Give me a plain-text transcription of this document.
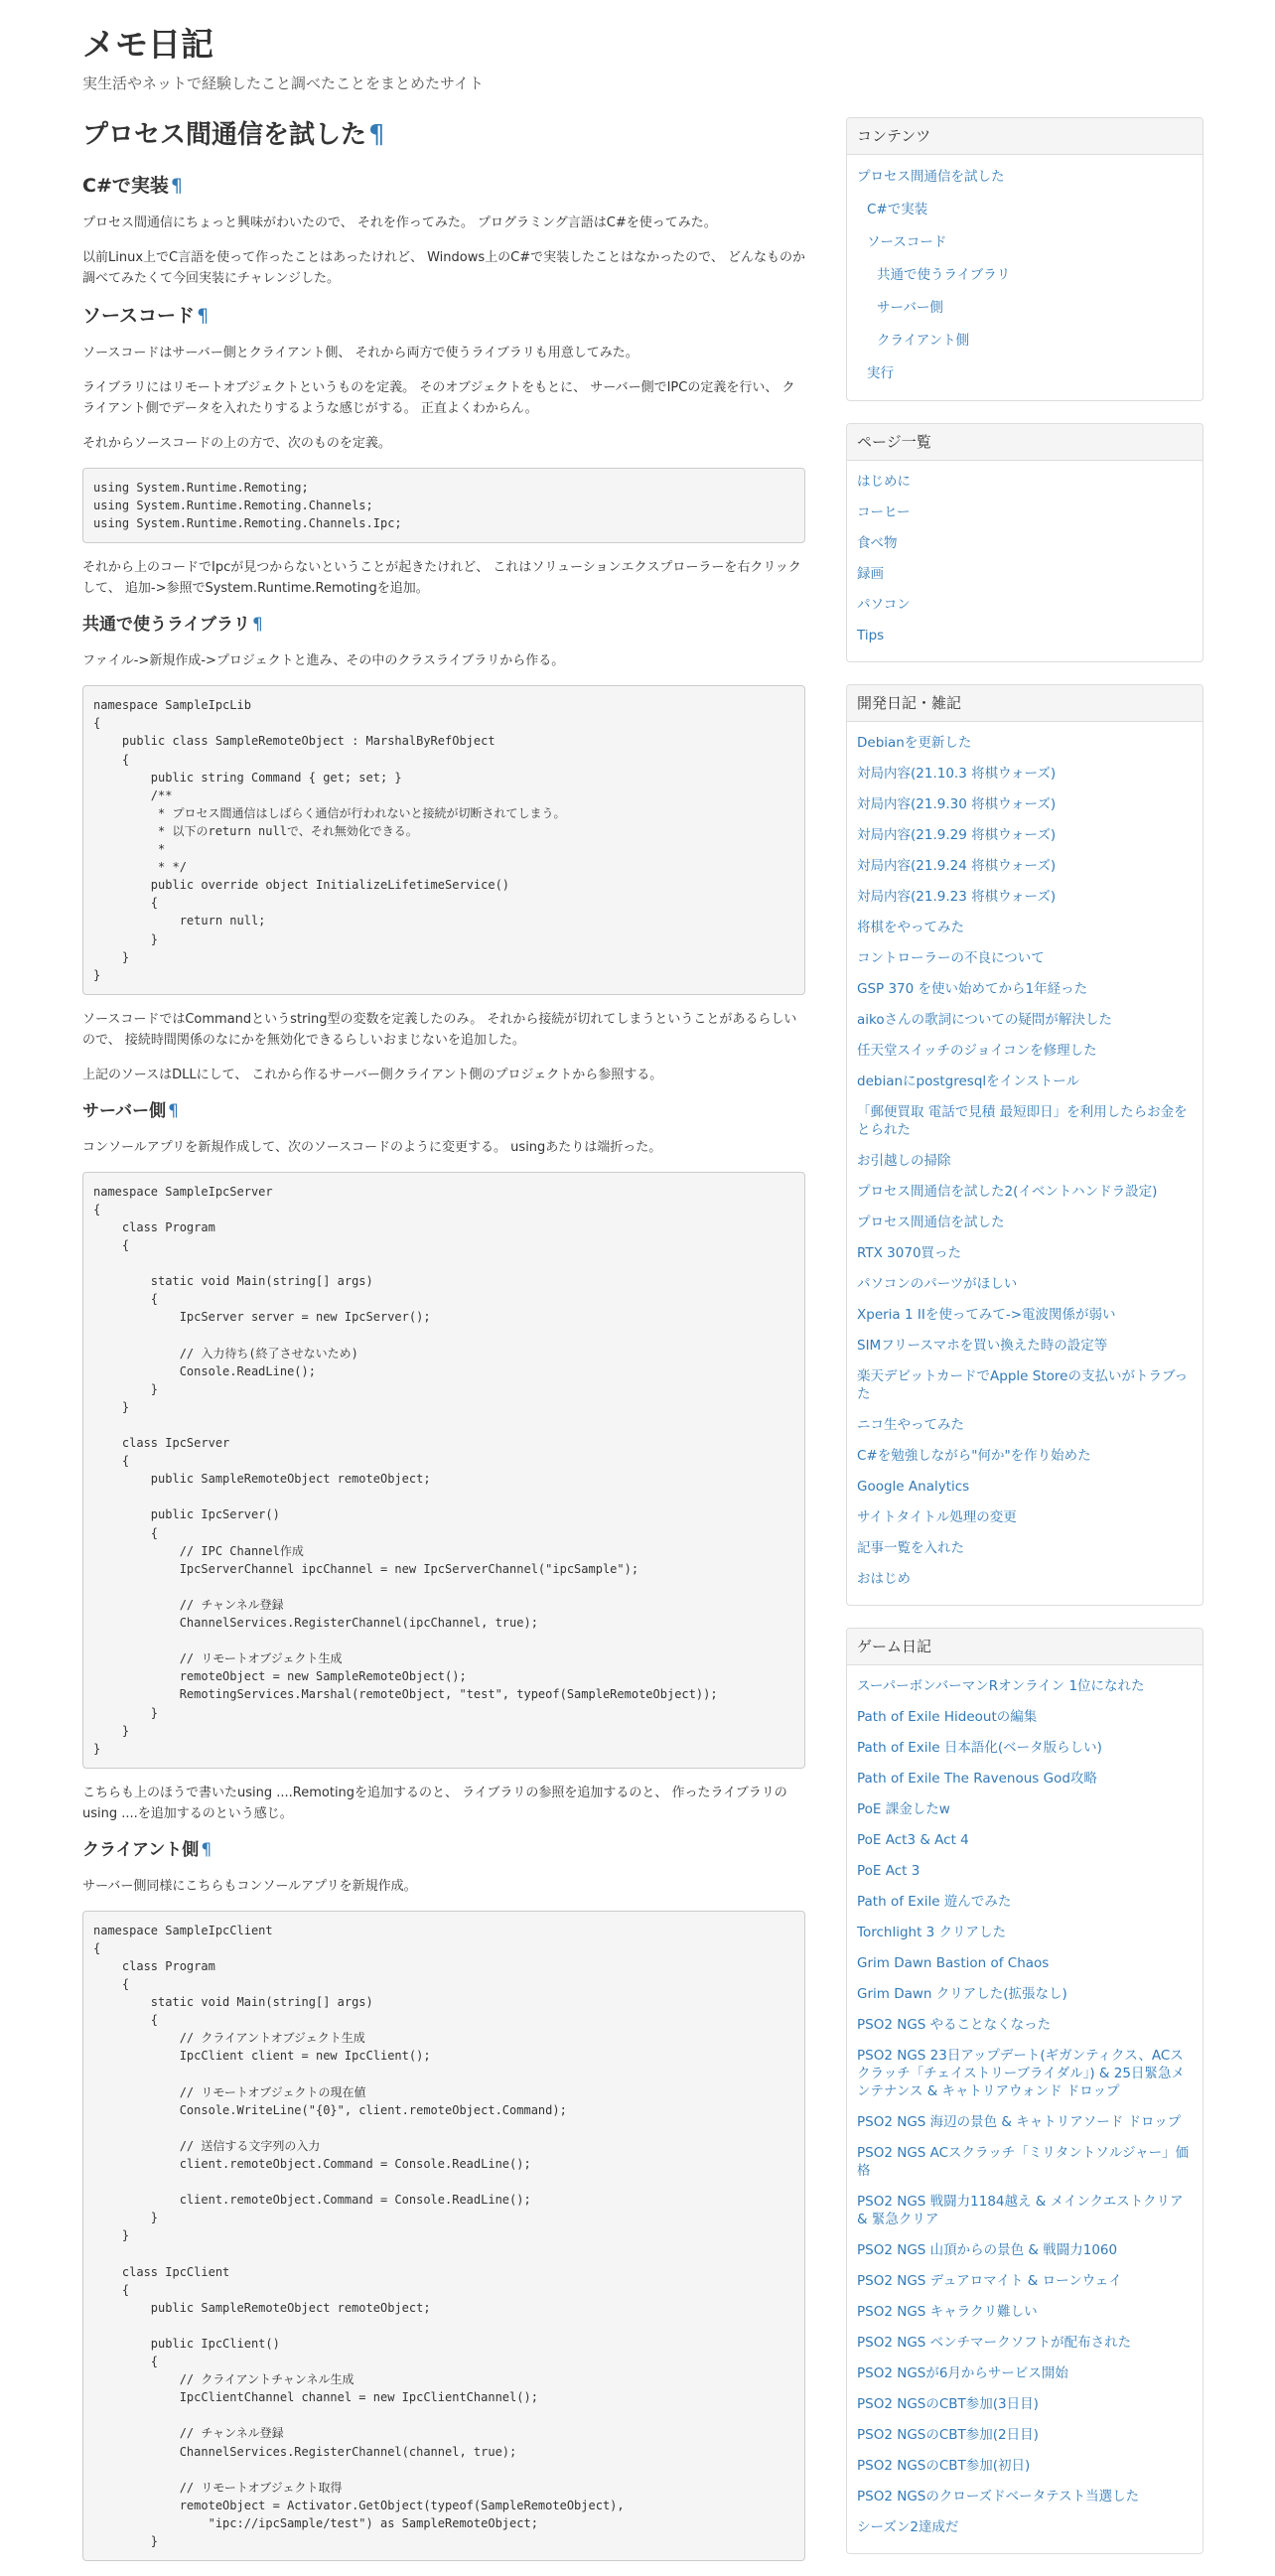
メモ日記
実生活やネットで経験したこと調べたことをまとめたサイト
プロセス間通信を試した¶
C#で実装 ¶

プロセス間通信にちょっと興味がわいたので、 それを作ってみた。 プログラミング言語はC#を使ってみた。

以前Linux上でC言語を使って作ったことはあったけれど、 Windows上のC#で実装したことはなかったので、 どんなものか調べてみたくて今回実装にチャレンジした。

ソースコード ¶

ソースコードはサーバー側とクライアント側、 それから両方で使うライブラリも用意してみた。

ライブラリにはリモートオブジェクトというものを定義。 そのオブジェクトをもとに、 サーバー側でIPCの定義を行い、 クライアント側でデータを入れたりするような感じがする。 正直よくわからん。

それからソースコードの上の方で、次のものを定義。

using System.Runtime.Remoting;
using System.Runtime.Remoting.Channels;
using System.Runtime.Remoting.Channels.Ipc;

それから上のコードでIpcが見つからないということが起きたけれど、 これはソリューションエクスプローラーを右クリックして、 追加->参照でSystem.Runtime.Remotingを追加。

共通で使うライブラリ ¶

ファイル->新規作成->プロジェクトと進み、その中のクラスライブラリから作る。

namespace SampleIpcLib
{
public class SampleRemoteObject : MarshalByRefObject
{
public string Command { get; set; }
/**
* プロセス間通信はしばらく通信が行われないと接続が切断されてしまう。
* 以下のreturn nullで、それ無効化できる。
*
* */
public override object InitializeLifetimeService()
{
return null;
}
}
}

ソースコードではCommandというstring型の変数を定義したのみ。 それから接続が切れてしまうということがあるらしいので、 接続時間関係のなにかを無効化できるらしいおまじないを追加した。

上記のソースはDLLにして、 これから作るサーバー側クライアント側のプロジェクトから参照する。

サーバー側 ¶

コンソールアプリを新規作成して、次のソースコードのように変更する。 usingあたりは端折った。

namespace SampleIpcServer
{
class Program
{

static void Main(string[] args)
{
IpcServer server = new IpcServer();

// 入力待ち(終了させないため)
Console.ReadLine();
}
}

class IpcServer
{
public SampleRemoteObject remoteObject;

public IpcServer()
{
// IPC Channel作成
IpcServerChannel ipcChannel = new IpcServerChannel("ipcSample");

// チャンネル登録
ChannelServices.RegisterChannel(ipcChannel, true);

// リモートオブジェクト生成
remoteObject = new SampleRemoteObject();
RemotingServices.Marshal(remoteObject, "test", typeof(SampleRemoteObject));
}
}
}

こちらも上のほうで書いたusing ....Remotingを追加するのと、 ライブラリの参照を追加するのと、 作ったライブラリのusing ....を追加するのという感じ。

クライアント側 ¶

サーバー側同様にこちらもコンソールアプリを新規作成。

namespace SampleIpcClient
{
class Program
{
static void Main(string[] args)
{
// クライアントオブジェクト生成
IpcClient client = new IpcClient();

// リモートオブジェクトの現在値
Console.WriteLine("{0}", client.remoteObject.Command);

// 送信する文字列の入力
client.remoteObject.Command = Console.ReadLine();

client.remoteObject.Command = Console.ReadLine();
}
}

class IpcClient
{
public SampleRemoteObject remoteObject;

public IpcClient()
{
// クライアントチャンネル生成
IpcClientChannel channel = new IpcClientChannel();

// チャンネル登録
ChannelServices.RegisterChannel(channel, true);

// リモートオブジェクト取得
remoteObject = Activator.GetObject(typeof(SampleRemoteObject),
"ipc://ipcSample/test") as SampleRemoteObject;
}
コンテンツ
プロセス間通信を試した
C#で実装
ソースコード
共通で使うライブラリ
サーバー側
クライアント側
実行
ページ一覧
はじめに
コーヒー
食べ物
録画
パソコン
Tips
開発日記・雑記
Debianを更新した
対局内容(21.10.3 将棋ウォーズ)
対局内容(21.9.30 将棋ウォーズ)
対局内容(21.9.29 将棋ウォーズ)
対局内容(21.9.24 将棋ウォーズ)
対局内容(21.9.23 将棋ウォーズ)
将棋をやってみた
コントローラーの不良について
GSP 370 を使い始めてから1年経った
aikoさんの歌詞についての疑問が解決した
任天堂スイッチのジョイコンを修理した
debianにpostgresqlをインストール
「郵便買取 電話で見積 最短即日」を利用したらお金をとられた
お引越しの掃除
プロセス間通信を試した2(イベントハンドラ設定)
プロセス間通信を試した
RTX 3070買った
パソコンのパーツがほしい
Xperia 1 IIを使ってみて->電波関係が弱い
SIMフリースマホを買い換えた時の設定等
楽天デビットカードでApple Storeの支払いがトラブった
ニコ生やってみた
C#を勉強しながら"何か"を作り始めた
Google Analytics
サイトタイトル処理の変更
記事一覧を入れた
おはじめ
ゲーム日記
スーパーボンバーマンRオンライン 1位になれた
Path of Exile Hideoutの編集
Path of Exile 日本語化(ベータ版らしい)
Path of Exile The Ravenous God攻略
PoE 課金したw
PoE Act3 & Act 4
PoE Act 3
Path of Exile 遊んでみた
Torchlight 3 クリアした
Grim Dawn Bastion of Chaos
Grim Dawn クリアした(拡張なし)
PSO2 NGS やることなくなった
PSO2 NGS 23日アップデート(ギガンティクス、ACスクラッチ「チェイストリーブライダル」) & 25日緊急メンテナンス & キャトリアウォンド ドロップ
PSO2 NGS 海辺の景色 & キャトリアソード ドロップ
PSO2 NGS ACスクラッチ「ミリタントソルジャー」価格
PSO2 NGS 戦闘力1184越え & メインクエストクリア & 緊急クリア
PSO2 NGS 山頂からの景色 & 戦闘力1060
PSO2 NGS デュアロマイト & ローンウェイ
PSO2 NGS キャラクリ難しい
PSO2 NGS ベンチマークソフトが配布された
PSO2 NGSが6月からサービス開始
PSO2 NGSのCBT参加(3日目)
PSO2 NGSのCBT参加(2日目)
PSO2 NGSのCBT参加(初日)
PSO2 NGSのクローズドベータテスト当選した
シーズン2達成だ
